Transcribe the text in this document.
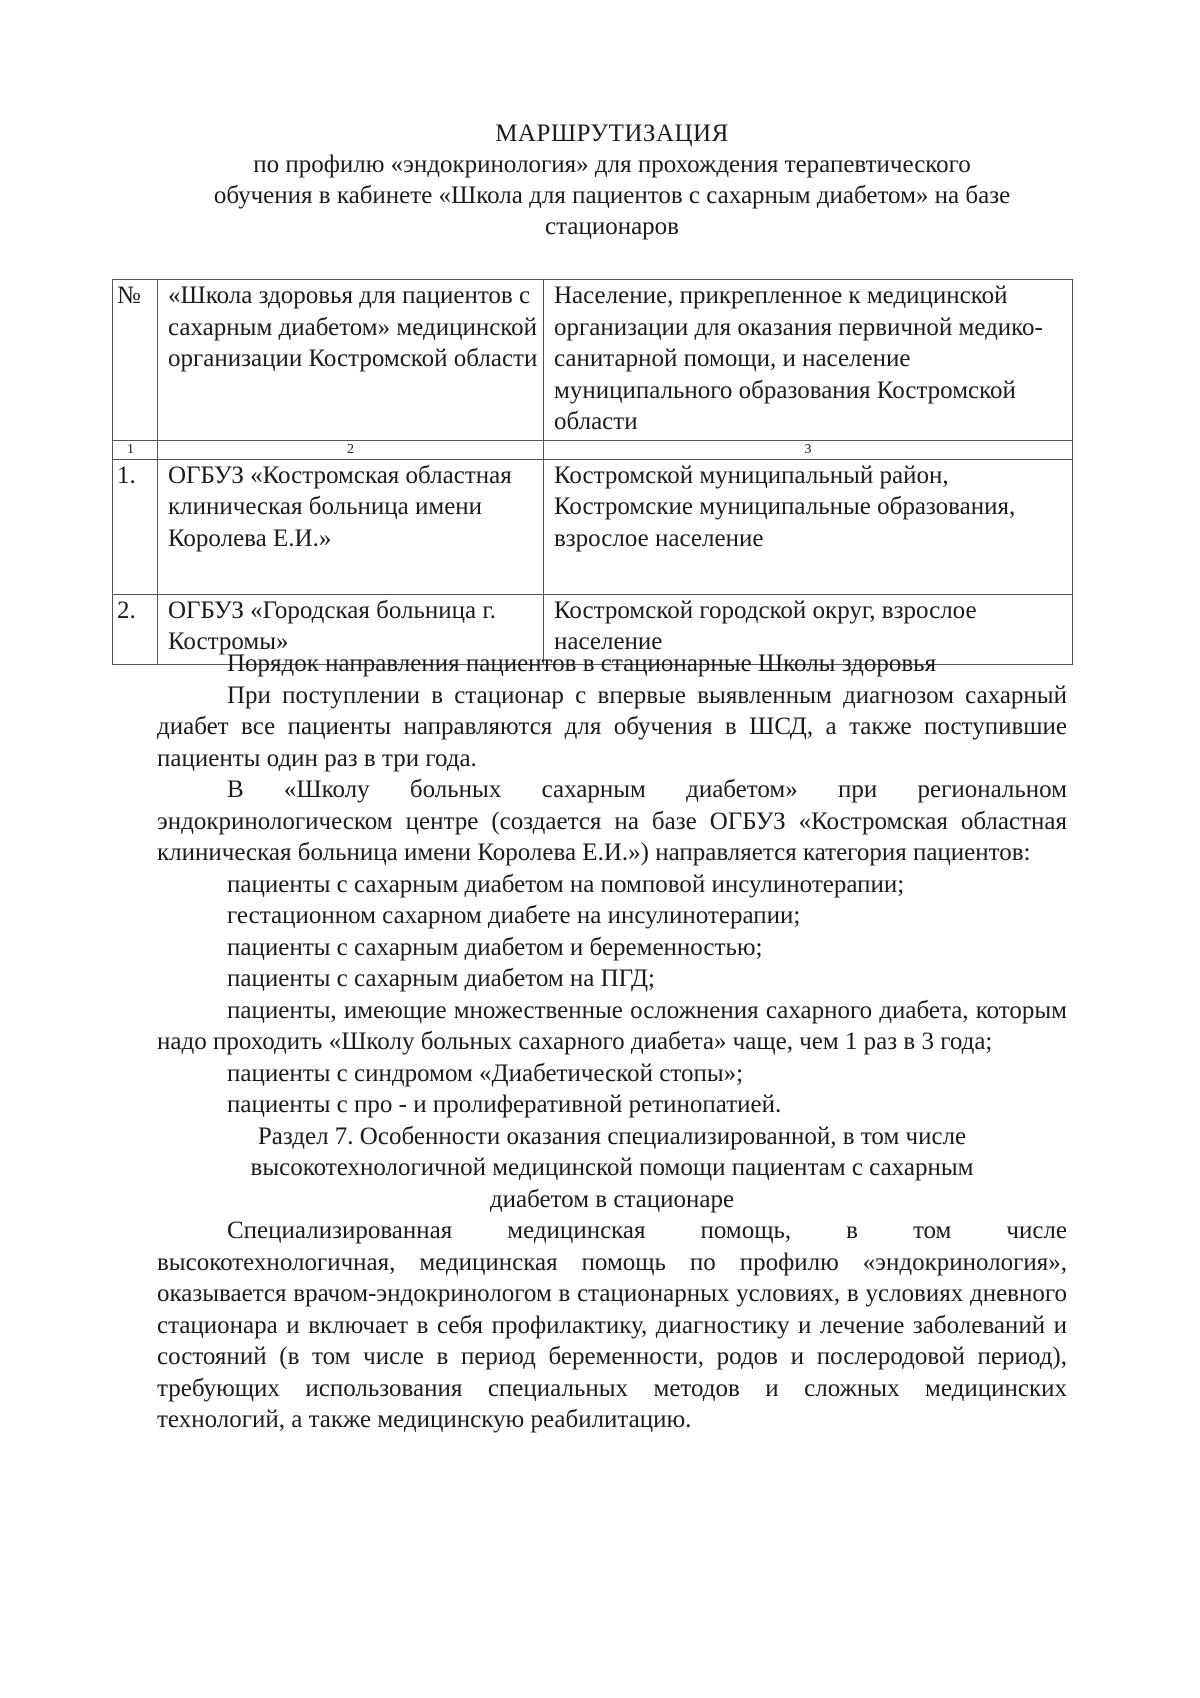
МАРШРУТИЗАЦИЯ
по профилю «эндокринология» для прохождения терапевтического
обучения в кабинете «Школа для пациентов с сахарным диабетом» на базе
стационаров
№	«Школа здоровья для пациентов с сахарным диабетом» медицинской организации Костромской области	Население, прикрепленное к медицинской организации для оказания первичной медико-санитарной помощи, и население муниципального образования Костромской области
1	2	3
1.	ОГБУЗ «Костромская областная клиническая больница имени Королева Е.И.»	Костромской муниципальный район, Костромские муниципальные образования, взрослое население
2.	ОГБУЗ «Городская больница г. Костромы»	Костромской городской округ, взрослое население

Порядок направления пациентов в стационарные Школы здоровья

При поступлении в стационар с впервые выявленным диагнозом сахарный диабет все пациенты направляются для обучения в ШСД, а также поступившие пациенты один раз в три года.

В «Школу больных сахарным диабетом» при региональном эндокринологическом центре (создается на базе ОГБУЗ «Костромская областная клиническая больница имени Королева Е.И.») направляется категория пациентов:

пациенты с сахарным диабетом на помповой инсулинотерапии;

гестационном сахарном диабете на инсулинотерапии;

пациенты с сахарным диабетом и беременностью;

пациенты с сахарным диабетом на ПГД;

пациенты, имеющие множественные осложнения сахарного диабета, которым надо проходить «Школу больных сахарного диабета» чаще, чем 1 раз в 3 года;

пациенты с синдромом «Диабетической стопы»;

пациенты с про - и пролиферативной ретинопатией.

Раздел 7. Особенности оказания специализированной, в том числе

высокотехнологичной медицинской помощи пациентам с сахарным

диабетом в стационаре

Специализированная медицинская помощь, в том числе высокотехнологичная, медицинская помощь по профилю «эндокринология», оказывается врачом-эндокринологом в стационарных условиях, в условиях дневного стационара и включает в себя профилактику, диагностику и лечение заболеваний и состояний (в том числе в период беременности, родов и послеродовой период), требующих использования специальных методов и сложных медицинских технологий, а также медицинскую реабилитацию.
